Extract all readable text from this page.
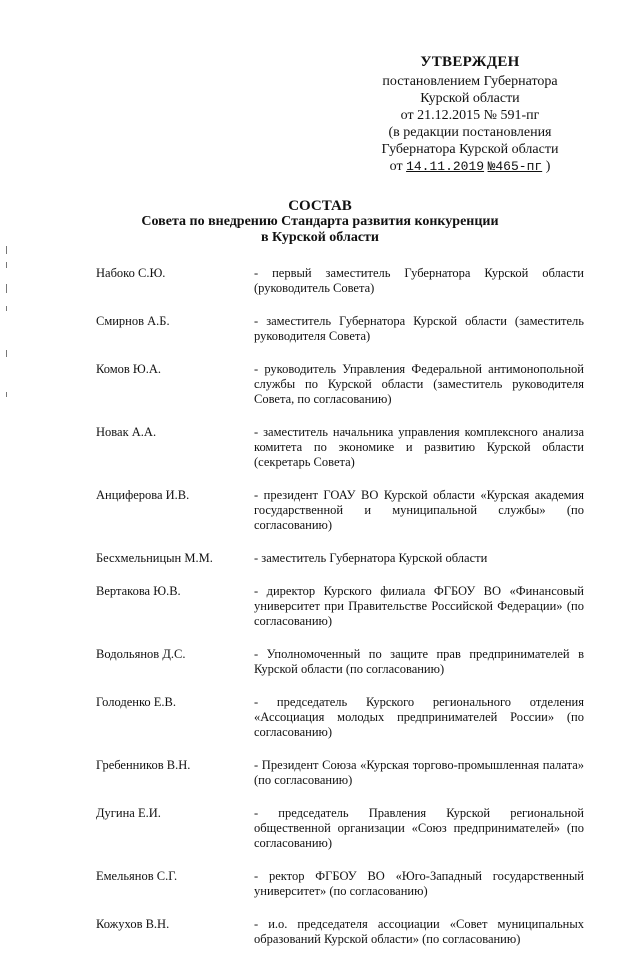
УТВЕРЖДЕН
постановлением Губернатора
Курской области
от 21.12.2015 № 591-пг
(в редакции постановления
Губернатора Курской области
от 14.11.2019 №465-пг )
СОСТАВ
Совета по внедрению Стандарта развития конкуренции
в Курской области
Набоко С.Ю.	- первый заместитель Губернатора Курской области (руководитель Совета)
Смирнов А.Б.	- заместитель Губернатора Курской области (заместитель руководителя Совета)
Комов Ю.А.	- руководитель Управления Федеральной антимонопольной службы по Курской области (заместитель руководителя Совета, по согласованию)
Новак А.А.	- заместитель начальника управления комплексного анализа комитета по экономике и развитию Курской области (секретарь Совета)
Анциферова И.В.	- президент ГОАУ ВО Курской области «Курская академия государственной и муниципальной службы» (по согласованию)
Бесхмельницын М.М.	- заместитель Губернатора Курской области
Вертакова Ю.В.	- директор Курского филиала ФГБОУ ВО «Финансовый университет при Правительстве Российской Федерации» (по согласованию)
Водольянов Д.С.	- Уполномоченный по защите прав предпринимателей в Курской области (по согласованию)
Голоденко Е.В.	- председатель Курского регионального отделения «Ассоциация молодых предпринимателей России» (по согласованию)
Гребенников В.Н.	- Президент Союза «Курская торгово-промышленная палата» (по согласованию)
Дугина Е.И.	- председатель Правления Курской региональной общественной организации «Союз предпринимателей» (по согласованию)
Емельянов С.Г.	- ректор ФГБОУ ВО «Юго-Западный государственный университет» (по согласованию)
Кожухов В.Н.	- и.о. председателя ассоциации «Совет муниципальных образований Курской области» (по согласованию)
